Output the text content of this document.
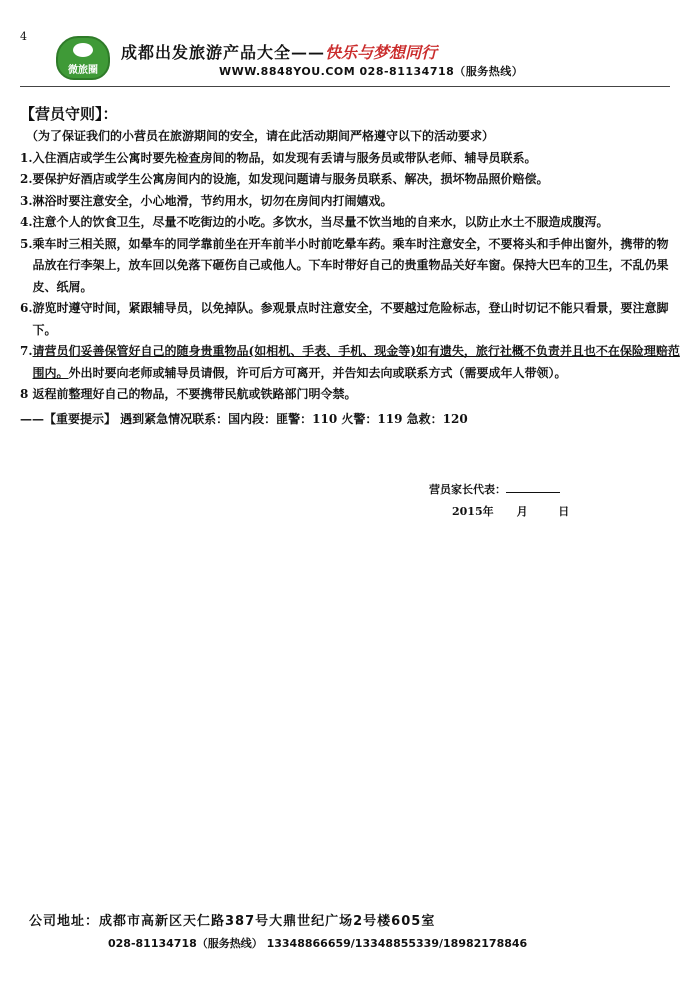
4
微旅圈
成都出发旅游产品大全——快乐与梦想同行
WWW.8848YOU.COM 028-81134718（服务热线）
【营员守则】：
（为了保证我们的小营员在旅游期间的安全，请在此活动期间严格遵守以下的活动要求）
1. 入住酒店或学生公寓时要先检查房间的物品，如发现有丢请与服务员或带队老师、辅导员联系。
2. 要保护好酒店或学生公寓房间内的设施，如发现问题请与服务员联系、解决，损坏物品照价赔偿。
3. 淋浴时要注意安全，小心地滑，节约用水，切勿在房间内打闹嬉戏。
4. 注意个人的饮食卫生，尽量不吃街边的小吃。多饮水，当尽量不饮当地的自来水，以防止水土不服造成腹泻。
5. 乘车时三相关照，如晕车的同学靠前坐在开车前半小时前吃晕车药。乘车时注意安全，不要将头和手伸出窗外，携带的物品放在行李架上，放车回以免落下砸伤自己或他人。下车时带好自己的贵重物品关好车窗。保持大巴车的卫生，不乱仍果皮、纸屑。
6. 游览时遵守时间，紧跟辅导员，以免掉队。参观景点时注意安全，不要越过危险标志，登山时切记不能只看景，要注意脚下。
7. 请营员们妥善保管好自己的随身贵重物品(如相机、手表、手机、现金等)如有遗失，旅行社概不负责并且也不在保险理赔范围内。外出时要向老师或辅导员请假，许可后方可离开，并告知去向或联系方式（需要成年人带领）。
8 返程前整理好自己的物品，不要携带民航或铁路部门明令禁。
——【重要提示】 遇到紧急情况联系：国内段：匪警：110 火警：119 急救：120
营员家长代表：
2015年 月	日
公司地址：成都市高新区天仁路387号大鼎世纪广场2号楼605室
028-81134718（服务热线） 13348866659/13348855339/18982178846
